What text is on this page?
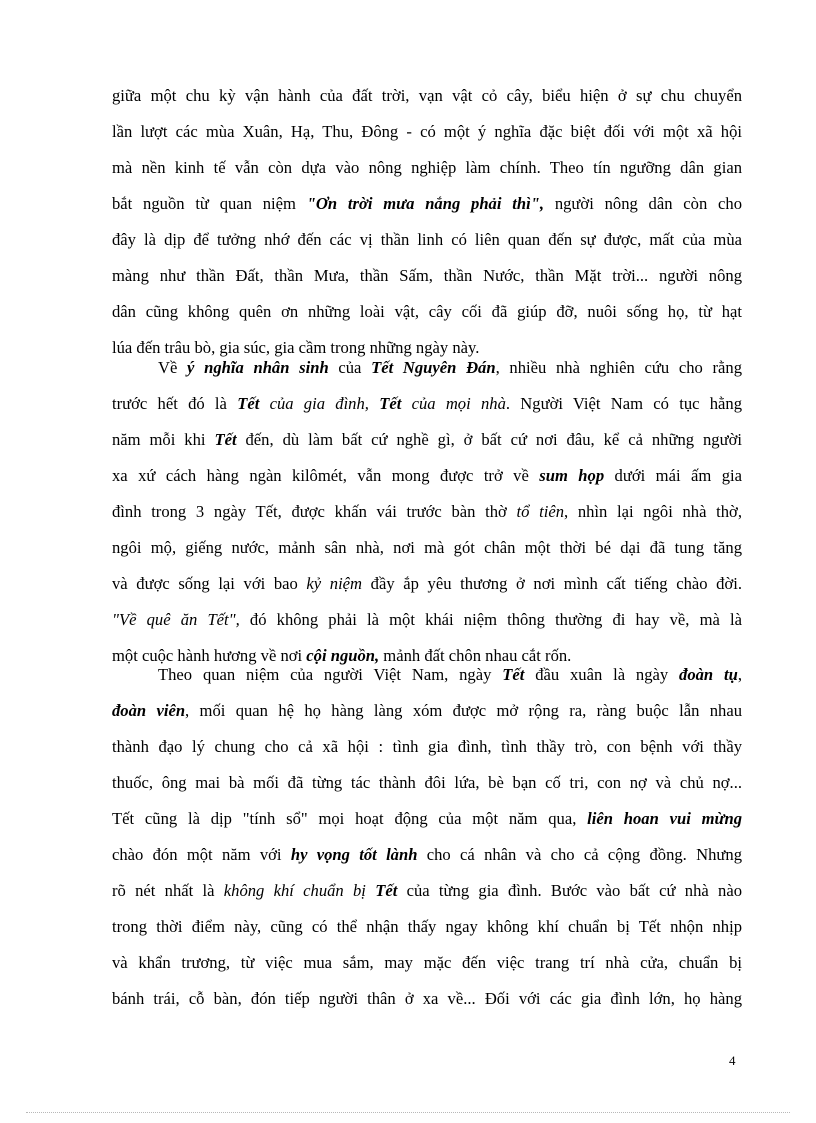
giữa một chu kỳ vận hành của đất trời, vạn vật cỏ cây, biểu hiện ở sự chu chuyển
lần lượt các mùa Xuân, Hạ, Thu, Đông - có một ý nghĩa đặc biệt đối với một xã hội
mà nền kinh tế vẫn còn dựa vào nông nghiệp làm chính. Theo tín ngưỡng dân gian
bắt nguồn từ quan niệm "Ơn trời mưa nắng phải thì", người nông dân còn cho
đây là dịp để tưởng nhớ đến các vị thần linh có liên quan đến sự được, mất của mùa
màng như thần Đất, thần Mưa, thần Sấm, thần Nước, thần Mặt trời... người nông
dân cũng không quên ơn những loài vật, cây cối đã giúp đỡ, nuôi sống họ, từ hạt
lúa đến trâu bò, gia súc, gia cầm trong những ngày này.
Về ý nghĩa nhân sinh của Tết Nguyên Đán, nhiều nhà nghiên cứu cho rằng
trước hết đó là Tết của gia đình, Tết của mọi nhà. Người Việt Nam có tục hằng
năm mỗi khi Tết đến, dù làm bất cứ nghề gì, ở bất cứ nơi đâu, kể cả những người
xa xứ cách hàng ngàn kilômét, vẫn mong được trở về sum họp dưới mái ấm gia
đình trong 3 ngày Tết, được khấn vái trước bàn thờ tổ tiên, nhìn lại ngôi nhà thờ,
ngôi mộ, giếng nước, mảnh sân nhà, nơi mà gót chân một thời bé dại đã tung tăng
và được sống lại với bao kỷ niệm đầy ắp yêu thương ở nơi mình cất tiếng chào đời.
"Về quê ăn Tết", đó không phải là một khái niệm thông thường đi hay về, mà là
một cuộc hành hương về nơi cội nguồn, mảnh đất chôn nhau cắt rốn.
Theo quan niệm của người Việt Nam, ngày Tết đầu xuân là ngày đoàn tụ,
đoàn viên, mối quan hệ họ hàng làng xóm được mở rộng ra, ràng buộc lẫn nhau
thành đạo lý chung cho cả xã hội : tình gia đình, tình thầy trò, con bệnh với thầy
thuốc, ông mai bà mối đã từng tác thành đôi lứa, bè bạn cố tri, con nợ và chủ nợ...
Tết cũng là dịp "tính sổ" mọi hoạt động của một năm qua, liên hoan vui mừng
chào đón một năm với hy vọng tốt lành cho cá nhân và cho cả cộng đồng. Nhưng
rõ nét nhất là không khí chuẩn bị Tết của từng gia đình. Bước vào bất cứ nhà nào
trong thời điểm này, cũng có thể nhận thấy ngay không khí chuẩn bị Tết nhộn nhịp
và khẩn trương, từ việc mua sắm, may mặc đến việc trang trí nhà cửa, chuẩn bị
bánh trái, cỗ bàn, đón tiếp người thân ở xa về... Đối với các gia đình lớn, họ hàng
4
